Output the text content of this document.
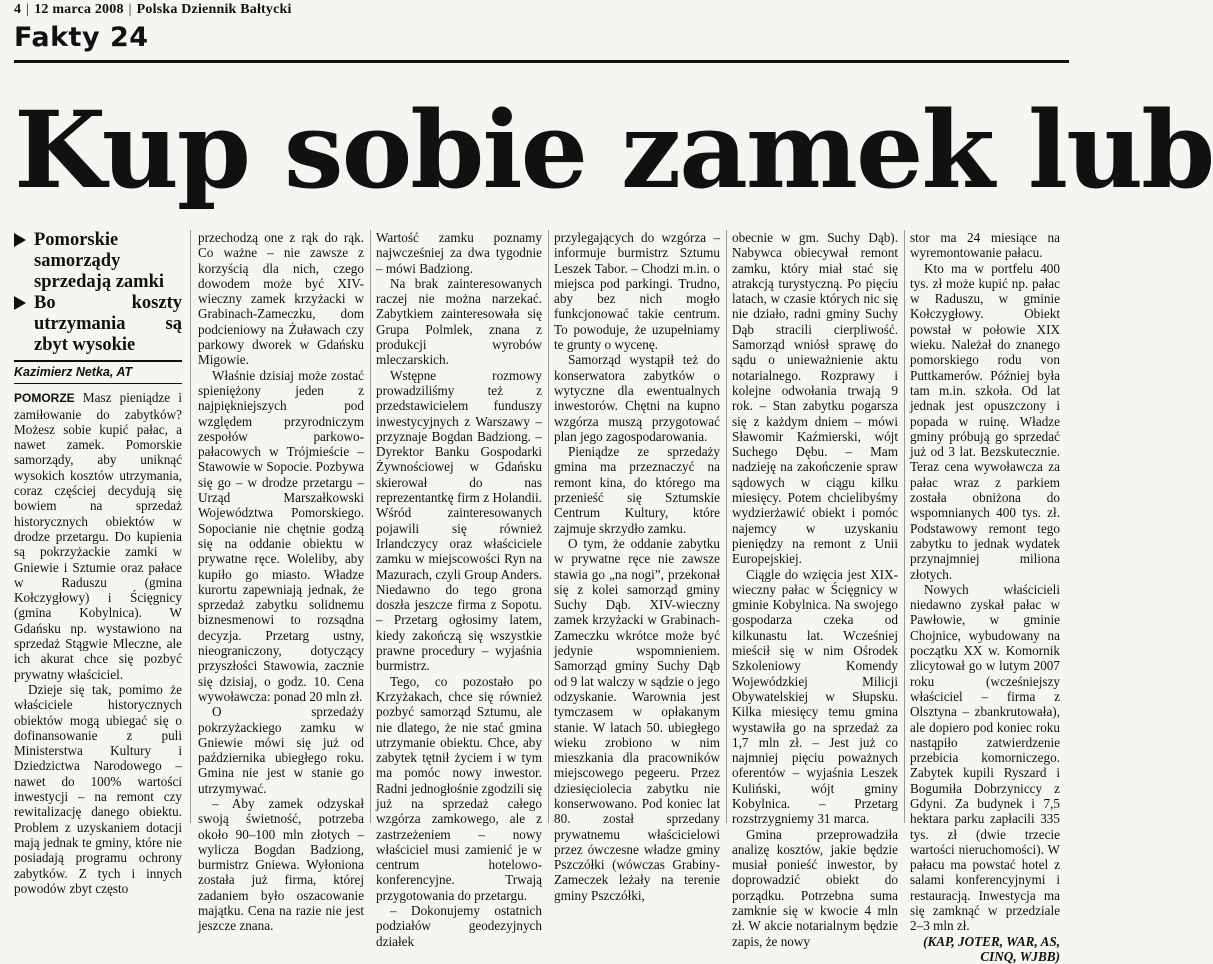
4 | 12 marca 2008 | Polska Dziennik Bałtycki
Fakty 24
Kup sobie zamek lub
Pomorskie samorządy sprzedają zamki
Bo koszty utrzymania są zbyt wysokie
Kazimierz Netka, AT

POMORZE Masz pieniądze i zamiłowanie do zabytków? Możesz sobie kupić pałac, a nawet zamek. Pomorskie samorządy, aby uniknąć wysokich kosztów utrzymania, coraz częściej decydują się bowiem na sprzedaż historycznych obiektów w drodze przetargu. Do kupienia są pokrzyżackie zamki w Gniewie i Sztumie oraz pałace w Raduszu (gmina Kołczygłowy) i Ścięgnicy (gmina Kobylnica). W Gdańsku np. wystawiono na sprzedaż Stągwie Mleczne, ale ich akurat chce się pozbyć prywatny właściciel.

Dzieje się tak, pomimo że właściciele historycznych obiektów mogą ubiegać się o dofinansowanie z puli Ministerstwa Kultury i Dziedzictwa Narodowego – nawet do 100% wartości inwestycji – na remont czy rewitalizację danego obiektu. Problem z uzyskaniem dotacji mają jednak te gminy, które nie posiadają programu ochrony zabytków. Z tych i innych powodów zbyt często

przechodzą one z rąk do rąk. Co ważne – nie zawsze z korzyścią dla nich, czego dowodem może być XIV-wieczny zamek krzyżacki w Grabinach-Zameczku, dom podcieniowy na Żuławach czy parkowy dworek w Gdańsku Migowie.

Właśnie dzisiaj może zostać spieniężony jeden z najpiękniejszych pod względem przyrodniczym zespołów parkowo-pałacowych w Trójmieście – Stawowie w Sopocie. Pozbywa się go – w drodze przetargu – Urząd Marszałkowski Województwa Pomorskiego. Sopocianie nie chętnie godzą się na oddanie obiektu w prywatne ręce. Woleliby, aby kupiło go miasto. Władze kurortu zapewniają jednak, że sprzedaż zabytku solidnemu biznesmenowi to rozsądna decyzja. Przetarg ustny, nieograniczony, dotyczący przyszłości Stawowia, zacznie się dzisiaj, o godz. 10. Cena wywoławcza: ponad 20 mln zł.

O sprzedaży pokrzyżackiego zamku w Gniewie mówi się już od października ubiegłego roku. Gmina nie jest w stanie go utrzymywać.

– Aby zamek odzyskał swoją świetność, potrzeba około 90–100 mln złotych – wylicza Bogdan Badziong, burmistrz Gniewa. Wyłoniona została już firma, której zadaniem było oszacowanie majątku. Cena na razie nie jest jeszcze znana.

Wartość zamku poznamy najwcześniej za dwa tygodnie – mówi Badziong.

Na brak zainteresowanych raczej nie można narzekać. Zabytkiem zainteresowała się Grupa Polmlek, znana z produkcji wyrobów mleczarskich.

Wstępne rozmowy prowadziliśmy też z przedstawicielem funduszy inwestycyjnych z Warszawy – przyznaje Bogdan Badziong. – Dyrektor Banku Gospodarki Żywnościowej w Gdańsku skierował do nas reprezentantkę firm z Holandii. Wśród zainteresowanych pojawili się również Irlandczycy oraz właściciele zamku w miejscowości Ryn na Mazurach, czyli Group Anders. Niedawno do tego grona doszła jeszcze firma z Sopotu. – Przetarg ogłosimy latem, kiedy zakończą się wszystkie prawne procedury – wyjaśnia burmistrz.

Tego, co pozostało po Krzyżakach, chce się również pozbyć samorząd Sztumu, ale nie dlatego, że nie stać gmina utrzymanie obiektu. Chce, aby zabytek tętnił życiem i w tym ma pomóc nowy inwestor. Radni jednogłośnie zgodzili się już na sprzedaż całego wzgórza zamkowego, ale z zastrzeżeniem – nowy właściciel musi zamienić je w centrum hotelowo-konferencyjne. Trwają przygotowania do przetargu.

– Dokonujemy ostatnich podziałów geodezyjnych działek

przylegających do wzgórza – informuje burmistrz Sztumu Leszek Tabor. – Chodzi m.in. o miejsca pod parkingi. Trudno, aby bez nich mogło funkcjonować takie centrum. To powoduje, że uzupełniamy te grunty o wycenę.

Samorząd wystąpił też do konserwatora zabytków o wytyczne dla ewentualnych inwestorów. Chętni na kupno wzgórza muszą przygotować plan jego zagospodarowania.

Pieniądze ze sprzedaży gmina ma przeznaczyć na remont kina, do którego ma przenieść się Sztumskie Centrum Kultury, które zajmuje skrzydło zamku.

O tym, że oddanie zabytku w prywatne ręce nie zawsze stawia go „na nogi”, przekonał się z kolei samorząd gminy Suchy Dąb. XIV-wieczny zamek krzyżacki w Grabinach-Zameczku wkrótce może być jedynie wspomnieniem. Samorząd gminy Suchy Dąb od 9 lat walczy w sądzie o jego odzyskanie. Warownia jest tymczasem w opłakanym stanie. W latach 50. ubiegłego wieku zrobiono w nim mieszkania dla pracowników miejscowego pegeeru. Przez dziesięciolecia zabytku nie konserwowano. Pod koniec lat 80. został sprzedany prywatnemu właścicielowi przez ówczesne władze gminy Pszczółki (wówczas Grabiny-Zameczek leżały na terenie gminy Pszczółki,

obecnie w gm. Suchy Dąb). Nabywca obiecywał remont zamku, który miał stać się atrakcją turystyczną. Po pięciu latach, w czasie których nic się nie działo, radni gminy Suchy Dąb stracili cierpliwość. Samorząd wniósł sprawę do sądu o unieważnienie aktu notarialnego. Rozprawy i kolejne odwołania trwają 9 rok. – Stan zabytku pogarsza się z każdym dniem – mówi Sławomir Kaźmierski, wójt Suchego Dębu. – Mam nadzieję na zakończenie spraw sądowych w ciągu kilku miesięcy. Potem chcielibyśmy wydzierżawić obiekt i pomóc najemcy w uzyskaniu pieniędzy na remont z Unii Europejskiej.

Ciągle do wzięcia jest XIX-wieczny pałac w Ścięgnicy w gminie Kobylnica. Na swojego gospodarza czeka od kilkunastu lat. Wcześniej mieścił się w nim Ośrodek Szkoleniowy Komendy Wojewódzkiej Milicji Obywatelskiej w Słupsku. Kilka miesięcy temu gmina wystawiła go na sprzedaż za 1,7 mln zł. – Jest już co najmniej pięciu poważnych oferentów – wyjaśnia Leszek Kuliński, wójt gminy Kobylnica. – Przetarg rozstrzygniemy 31 marca.

Gmina przeprowadziła analizę kosztów, jakie będzie musiał ponieść inwestor, by doprowadzić obiekt do porządku. Potrzebna suma zamknie się w kwocie 4 mln zł. W akcie notarialnym będzie zapis, że nowy

stor ma 24 miesiące na wyremontowanie pałacu.

Kto ma w portfelu 400 tys. zł może kupić np. pałac w Raduszu, w gminie Kołczygłowy. Obiekt powstał w połowie XIX wieku. Należał do znanego pomorskiego rodu von Puttkamerów. Później była tam m.in. szkoła. Od lat jednak jest opuszczony i popada w ruinę. Władze gminy próbują go sprzedać już od 3 lat. Bezskutecznie. Teraz cena wywoławcza za pałac wraz z parkiem została obniżona do wspomnianych 400 tys. zł. Podstawowy remont tego zabytku to jednak wydatek przynajmniej miliona złotych.

Nowych właścicieli niedawno zyskał pałac w Pawłowie, w gminie Chojnice, wybudowany na początku XX w. Komornik zlicytował go w lutym 2007 roku (wcześniejszy właściciel – firma z Olsztyna – zbankrutowała), ale dopiero pod koniec roku nastąpiło zatwierdzenie przebicia komorniczego. Zabytek kupili Ryszard i Bogumiła Dobrzyniccy z Gdyni. Za budynek i 7,5 hektara parku zapłacili 335 tys. zł (dwie trzecie wartości nieruchomości). W pałacu ma powstać hotel z salami konferencyjnymi i restauracją. Inwestycja ma się zamknąć w przedziale 2–3 mln zł.

(KAP, JOTER, WAR, AS, CINQ, WJBB)
